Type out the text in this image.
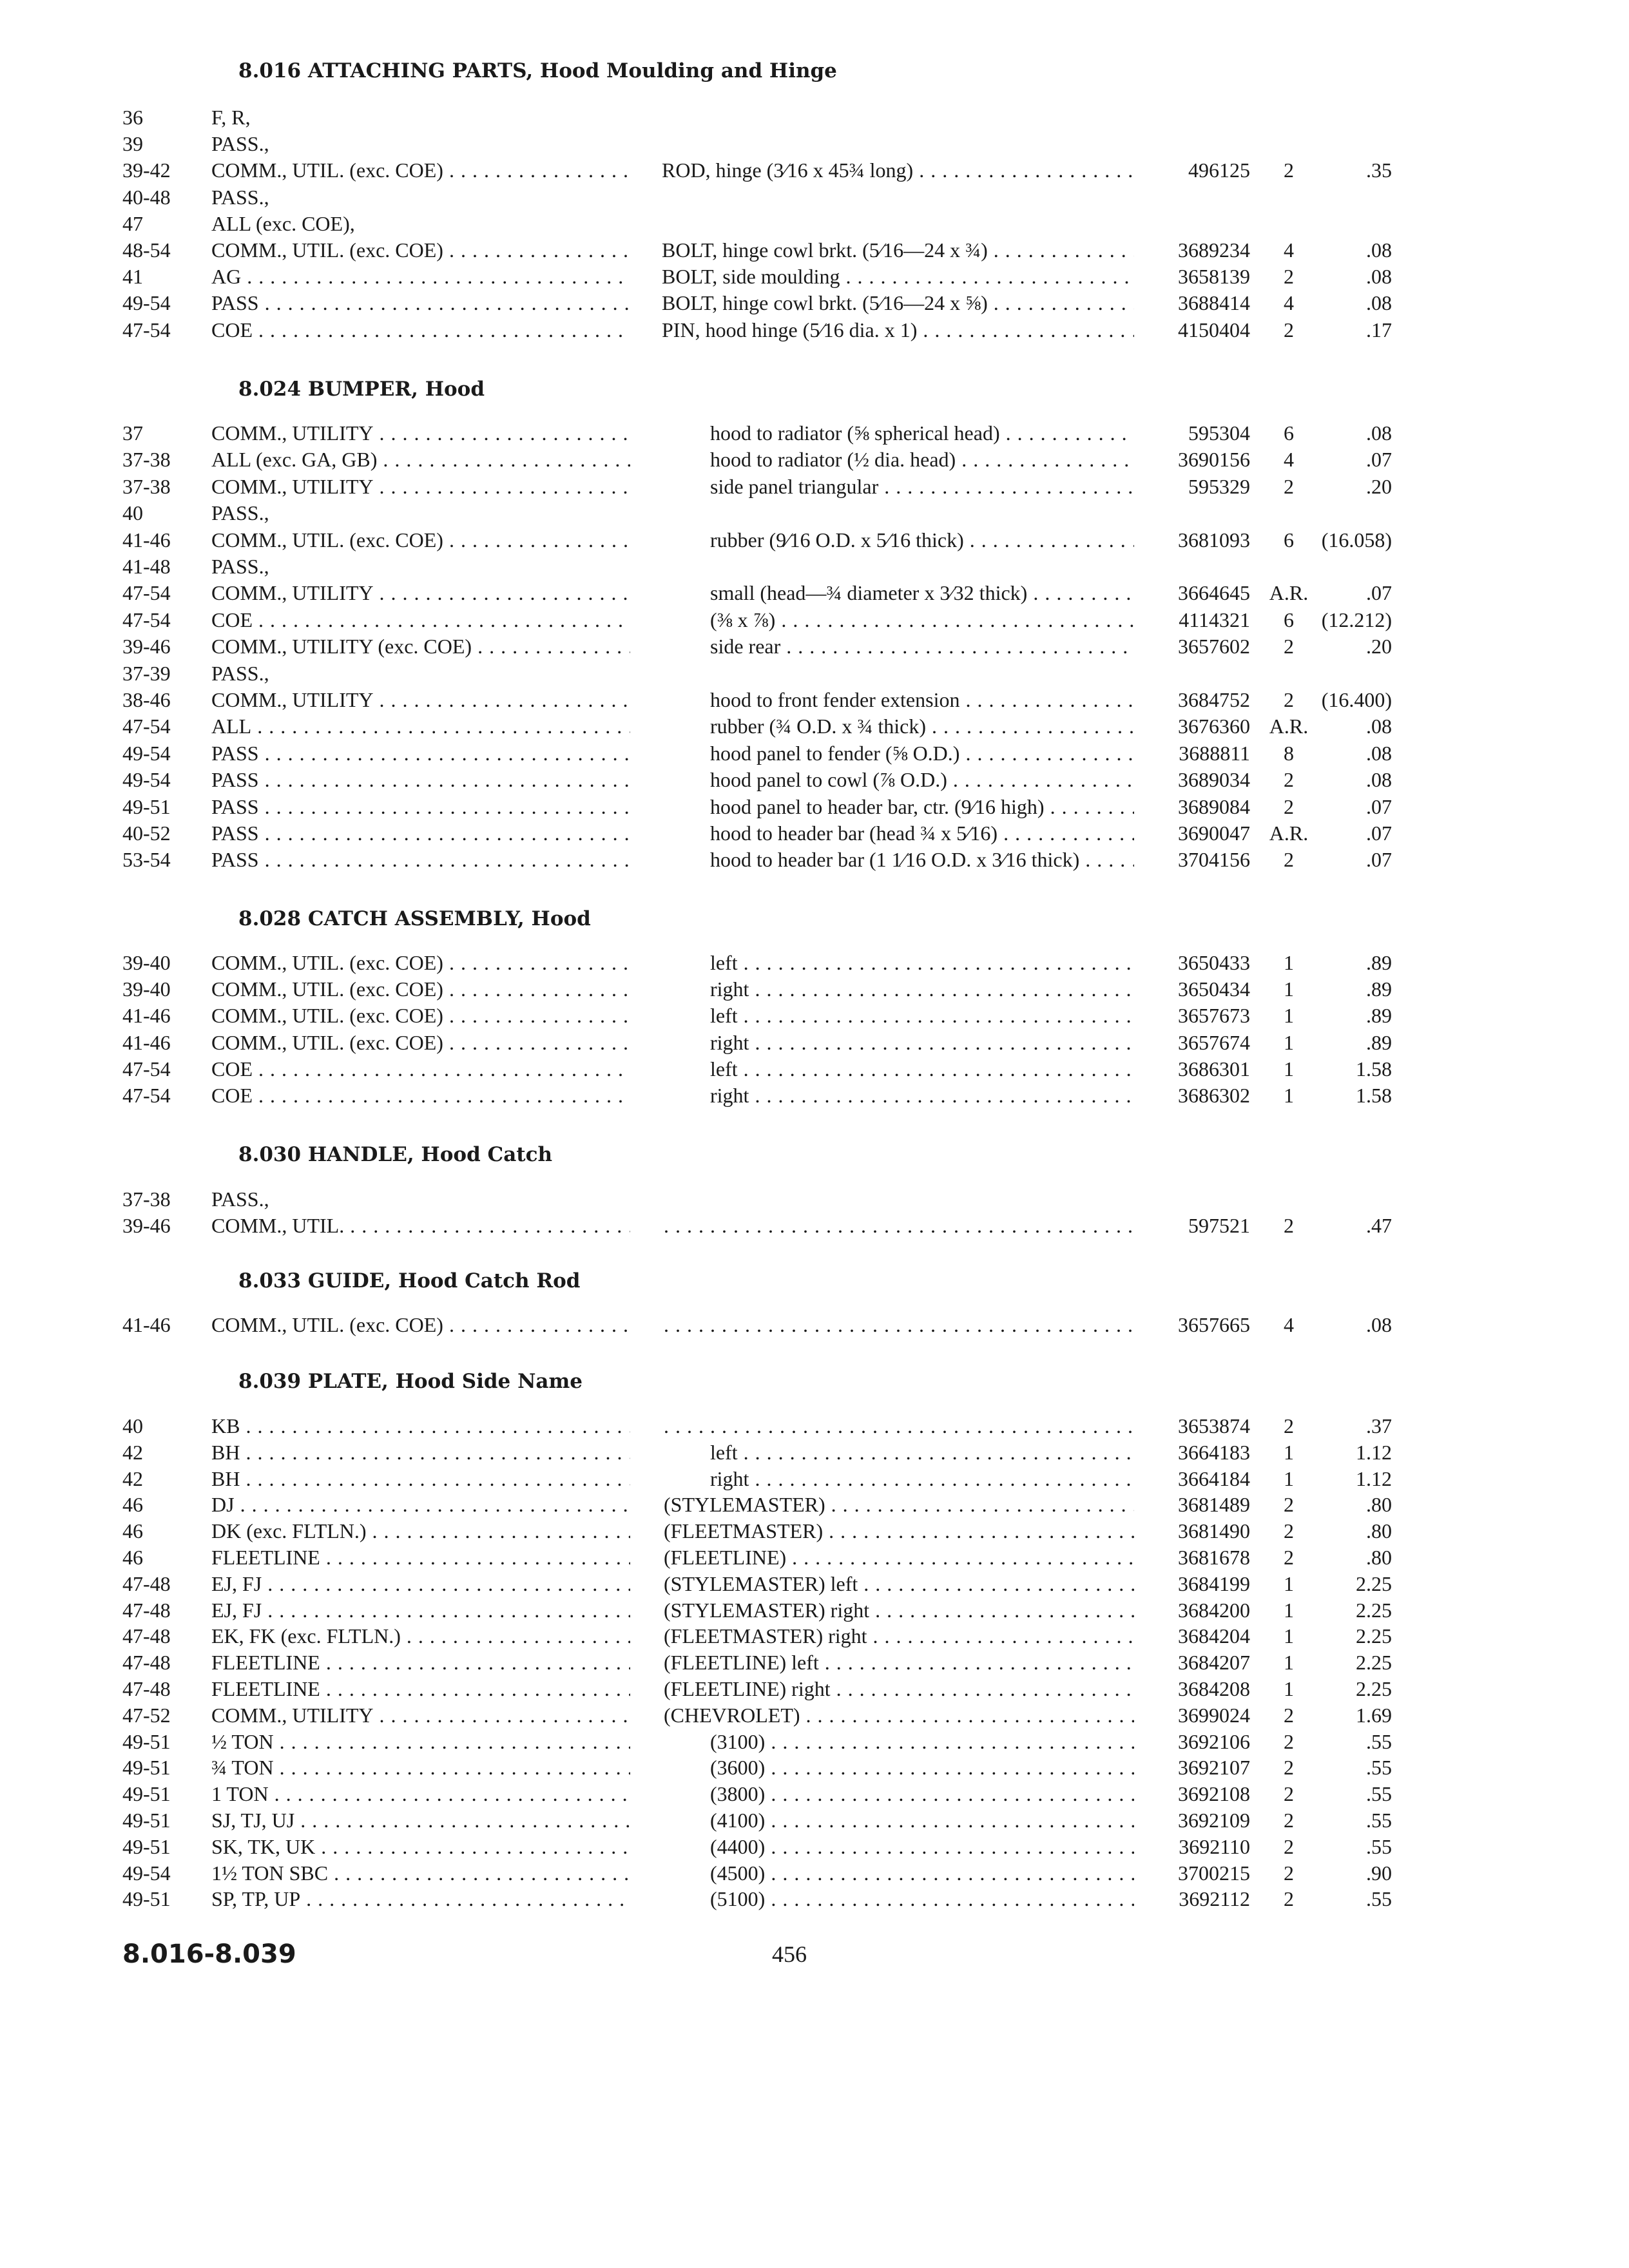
8.016 ATTACHING PARTS, Hood Moulding and Hinge
36	F, R,
39	PASS.,
39-42 COMM., UTIL. (exc. COE) . . .	ROD, hinge (3⁄16 x 45¾ long) . . .	496125	2	.35
40-48 PASS.,
47	ALL (exc. COE),
48-54 COMM., UTIL. (exc. COE) . . .	BOLT, hinge cowl brkt. (5⁄16—24 x ¾) . . .	3689234	4	.08
41	AG . . .	BOLT, side moulding . . .	3658139	2	.08
49-54 PASS . . .	BOLT, hinge cowl brkt. (5⁄16—24 x ⅝) . . .	3688414	4	.08
47-54 COE . . .	PIN, hood hinge (5⁄16 dia. x 1) . . .	4150404	2	.17
8.024 BUMPER, Hood
37	COMM., UTILITY . . .	hood to radiator (⅝ spherical head) . . .	595304	6	.08
37-38 ALL (exc. GA, GB) . . .	hood to radiator (½ dia. head) . . .	3690156	4	.07
37-38 COMM., UTILITY . . .	side panel triangular . . .	595329	2	.20
40	PASS.,
41-46 COMM., UTIL. (exc. COE) . . .	rubber (9⁄16 O.D. x 5⁄16 thick) . . .	3681093	6	(16.058)
41-48 PASS.,
47-54 COMM., UTILITY . . .	small (head—¾ diameter x 3⁄32 thick) . . .	3664645 A.R.	.07
47-54 COE . . .	(⅜ x ⅞) . . .	4114321	6	(12.212)
39-46 COMM., UTILITY (exc. COE) . . .	side rear . . .	3657602	2	.20
37-39 PASS.,
38-46 COMM., UTILITY . . .	hood to front fender extension . . .	3684752	2	(16.400)
47-54 ALL . . .	rubber (¾ O.D. x ¾ thick) . . .	3676360 A.R.	.08
49-54 PASS . . .	hood panel to fender (⅝ O.D.) . . .	3688811	8	.08
49-54 PASS . . .	hood panel to cowl (⅞ O.D.) . . .	3689034	2	.08
49-51 PASS . . .	hood panel to header bar, ctr. (9⁄16 high) . . .	3689084	2	.07
40-52 PASS . . .	hood to header bar (head ¾ x 5⁄16) . . .	3690047 A.R.	.07
53-54 PASS . . .	hood to header bar (1 1⁄16 O.D. x 3⁄16 thick) . . .	3704156	2	.07
8.028 CATCH ASSEMBLY, Hood
39-40 COMM., UTIL. (exc. COE) . . .	left . . .	3650433	1	.89
39-40 COMM., UTIL. (exc. COE) . . .	right . . .	3650434	1	.89
41-46 COMM., UTIL. (exc. COE) . . .	left . . .	3657673	1	.89
41-46 COMM., UTIL. (exc. COE) . . .	right . . .	3657674	1	.89
47-54 COE . . .	left . . .	3686301	1	1.58
47-54 COE . . .	right . . .	3686302	1	1.58
8.030 HANDLE, Hood Catch
37-38 PASS.,
39-46 COMM., UTIL. . . . . . .	597521	2	.47
8.033 GUIDE, Hood Catch Rod
41-46 COMM., UTIL. (exc. COE) . . . . . .	3657665	4	.08
8.039 PLATE, Hood Side Name
40	KB . . . . . .	3653874	2	.37
42	BH . . .	left . . .	3664183	1	1.12
42	BH . . .	right . . .	3664184	1	1.12
46	DJ . . .	(STYLEMASTER) . . .	3681489	2	.80
46	DK (exc. FLTLN.) . . .	(FLEETMASTER) . . .	3681490	2	.80
46	FLEETLINE . . .	(FLEETLINE) . . .	3681678	2	.80
47-48 EJ, FJ . . .	(STYLEMASTER) left . . .	3684199	1	2.25
47-48 EJ, FJ . . .	(STYLEMASTER) right . . .	3684200	1	2.25
47-48 EK, FK (exc. FLTLN.) . . .	(FLEETMASTER) right . . .	3684204	1	2.25
47-48 FLEETLINE . . .	(FLEETLINE) left . . .	3684207	1	2.25
47-48 FLEETLINE . . .	(FLEETLINE) right . . .	3684208	1	2.25
47-52 COMM., UTILITY . . .	(CHEVROLET) . . .	3699024	2	1.69
49-51 ½ TON . . .	(3100) . . .	3692106	2	.55
49-51 ¾ TON . . .	(3600) . . .	3692107	2	.55
49-51 1 TON . . .	(3800) . . .	3692108	2	.55
49-51 SJ, TJ, UJ . . .	(4100) . . .	3692109	2	.55
49-51 SK, TK, UK . . .	(4400) . . .	3692110	2	.55
49-54 1½ TON SBC . . .	(4500) . . .	3700215	2	.90
49-51 SP, TP, UP . . .	(5100) . . .	3692112	2	.55
8.016-8.039	456
